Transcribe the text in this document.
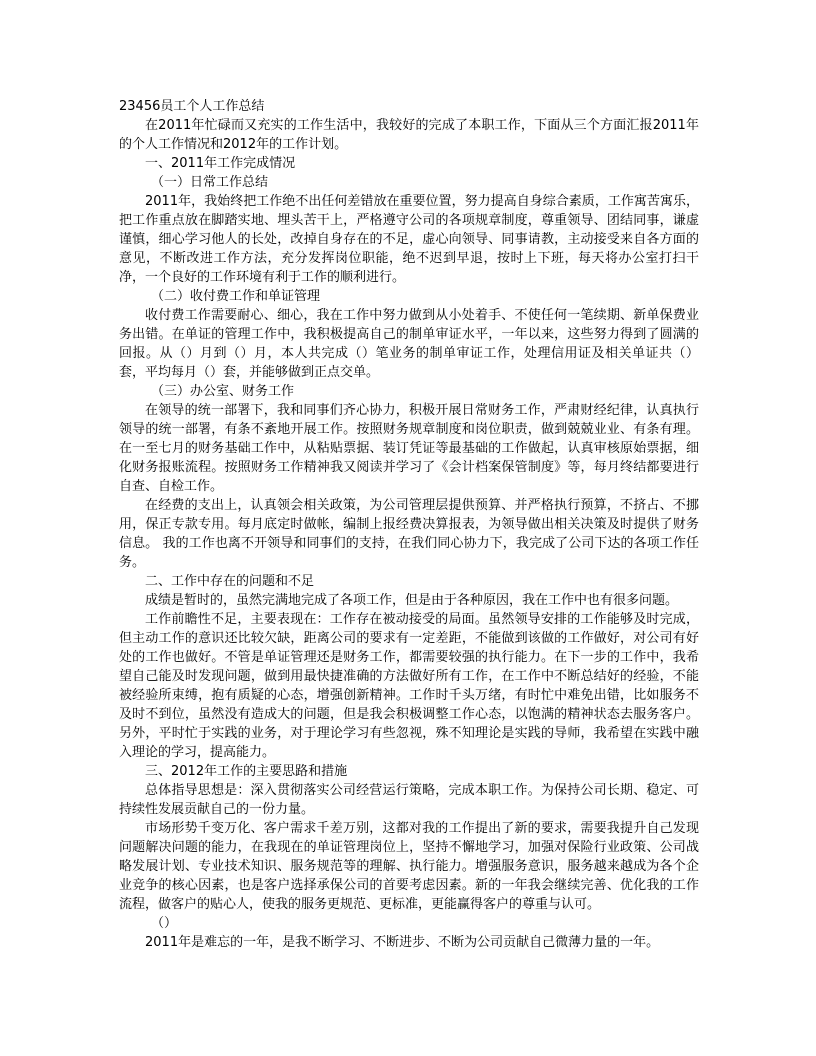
23456员工个人工作总结

在2011年忙碌而又充实的工作生活中，我较好的完成了本职工作，下面从三个方面汇报2011年的个人工作情况和2012年的工作计划。

一、2011年工作完成情况

（一）日常工作总结

2011年，我始终把工作绝不出任何差错放在重要位置，努力提高自身综合素质，工作寓苦寓乐，把工作重点放在脚踏实地、埋头苦干上，严格遵守公司的各项规章制度，尊重领导、团结同事，谦虚谨慎，细心学习他人的长处，改掉自身存在的不足，虚心向领导、同事请教，主动接受来自各方面的意见，不断改进工作方法，充分发挥岗位职能，绝不迟到早退，按时上下班，每天将办公室打扫干净，一个良好的工作环境有利于工作的顺利进行。

（二）收付费工作和单证管理

收付费工作需要耐心、细心，我在工作中努力做到从小处着手、不使任何一笔续期、新单保费业务出错。在单证的管理工作中，我积极提高自己的制单审证水平，一年以来，这些努力得到了圆满的回报。从（）月到（）月，本人共完成（）笔业务的制单审证工作，处理信用证及相关单证共（）套，平均每月（）套，并能够做到正点交单。

（三）办公室、财务工作

在领导的统一部署下，我和同事们齐心协力，积极开展日常财务工作，严肃财经纪律，认真执行领导的统一部署，有条不紊地开展工作。按照财务规章制度和岗位职责，做到兢兢业业、有条有理。在一至七月的财务基础工作中，从粘贴票据、装订凭证等最基础的工作做起，认真审核原始票据，细化财务报账流程。按照财务工作精神我又阅读并学习了《会计档案保管制度》等，每月终结都要进行自查、自检工作。

在经费的支出上，认真领会相关政策，为公司管理层提供预算、并严格执行预算，不挤占、不挪用，保正专款专用。每月底定时做帐，编制上报经费决算报表，为领导做出相关决策及时提供了财务信息。 我的工作也离不开领导和同事们的支持，在我们同心协力下，我完成了公司下达的各项工作任务。

二、工作中存在的问题和不足

成绩是暂时的，虽然完满地完成了各项工作，但是由于各种原因，我在工作中也有很多问题。

工作前瞻性不足，主要表现在：工作存在被动接受的局面。虽然领导安排的工作能够及时完成，但主动工作的意识还比较欠缺，距离公司的要求有一定差距，不能做到该做的工作做好，对公司有好处的工作也做好。不管是单证管理还是财务工作，都需要较强的执行能力。在下一步的工作中，我希望自己能及时发现问题，做到用最快捷准确的方法做好所有工作，在工作中不断总结好的经验，不能被经验所束缚，抱有质疑的心态，增强创新精神。工作时千头万绪，有时忙中难免出错，比如服务不及时不到位，虽然没有造成大的问题，但是我会积极调整工作心态，以饱满的精神状态去服务客户。另外，平时忙于实践的业务，对于理论学习有些忽视，殊不知理论是实践的导师，我希望在实践中融入理论的学习，提高能力。

三、2012年工作的主要思路和措施

总体指导思想是：深入贯彻落实公司经营运行策略，完成本职工作。为保持公司长期、稳定、可持续性发展贡献自己的一份力量。

市场形势千变万化、客户需求千差万别，这都对我的工作提出了新的要求，需要我提升自己发现问题解决问题的能力，在我现在的单证管理岗位上，坚持不懈地学习，加强对保险行业政策、公司战略发展计划、专业技术知识、服务规范等的理解、执行能力。增强服务意识，服务越来越成为各个企业竞争的核心因素，也是客户选择承保公司的首要考虑因素。新的一年我会继续完善、优化我的工作流程，做客户的贴心人，使我的服务更规范、更标准，更能赢得客户的尊重与认可。

（）

2011年是难忘的一年，是我不断学习、不断进步、不断为公司贡献自己微薄力量的一年。
